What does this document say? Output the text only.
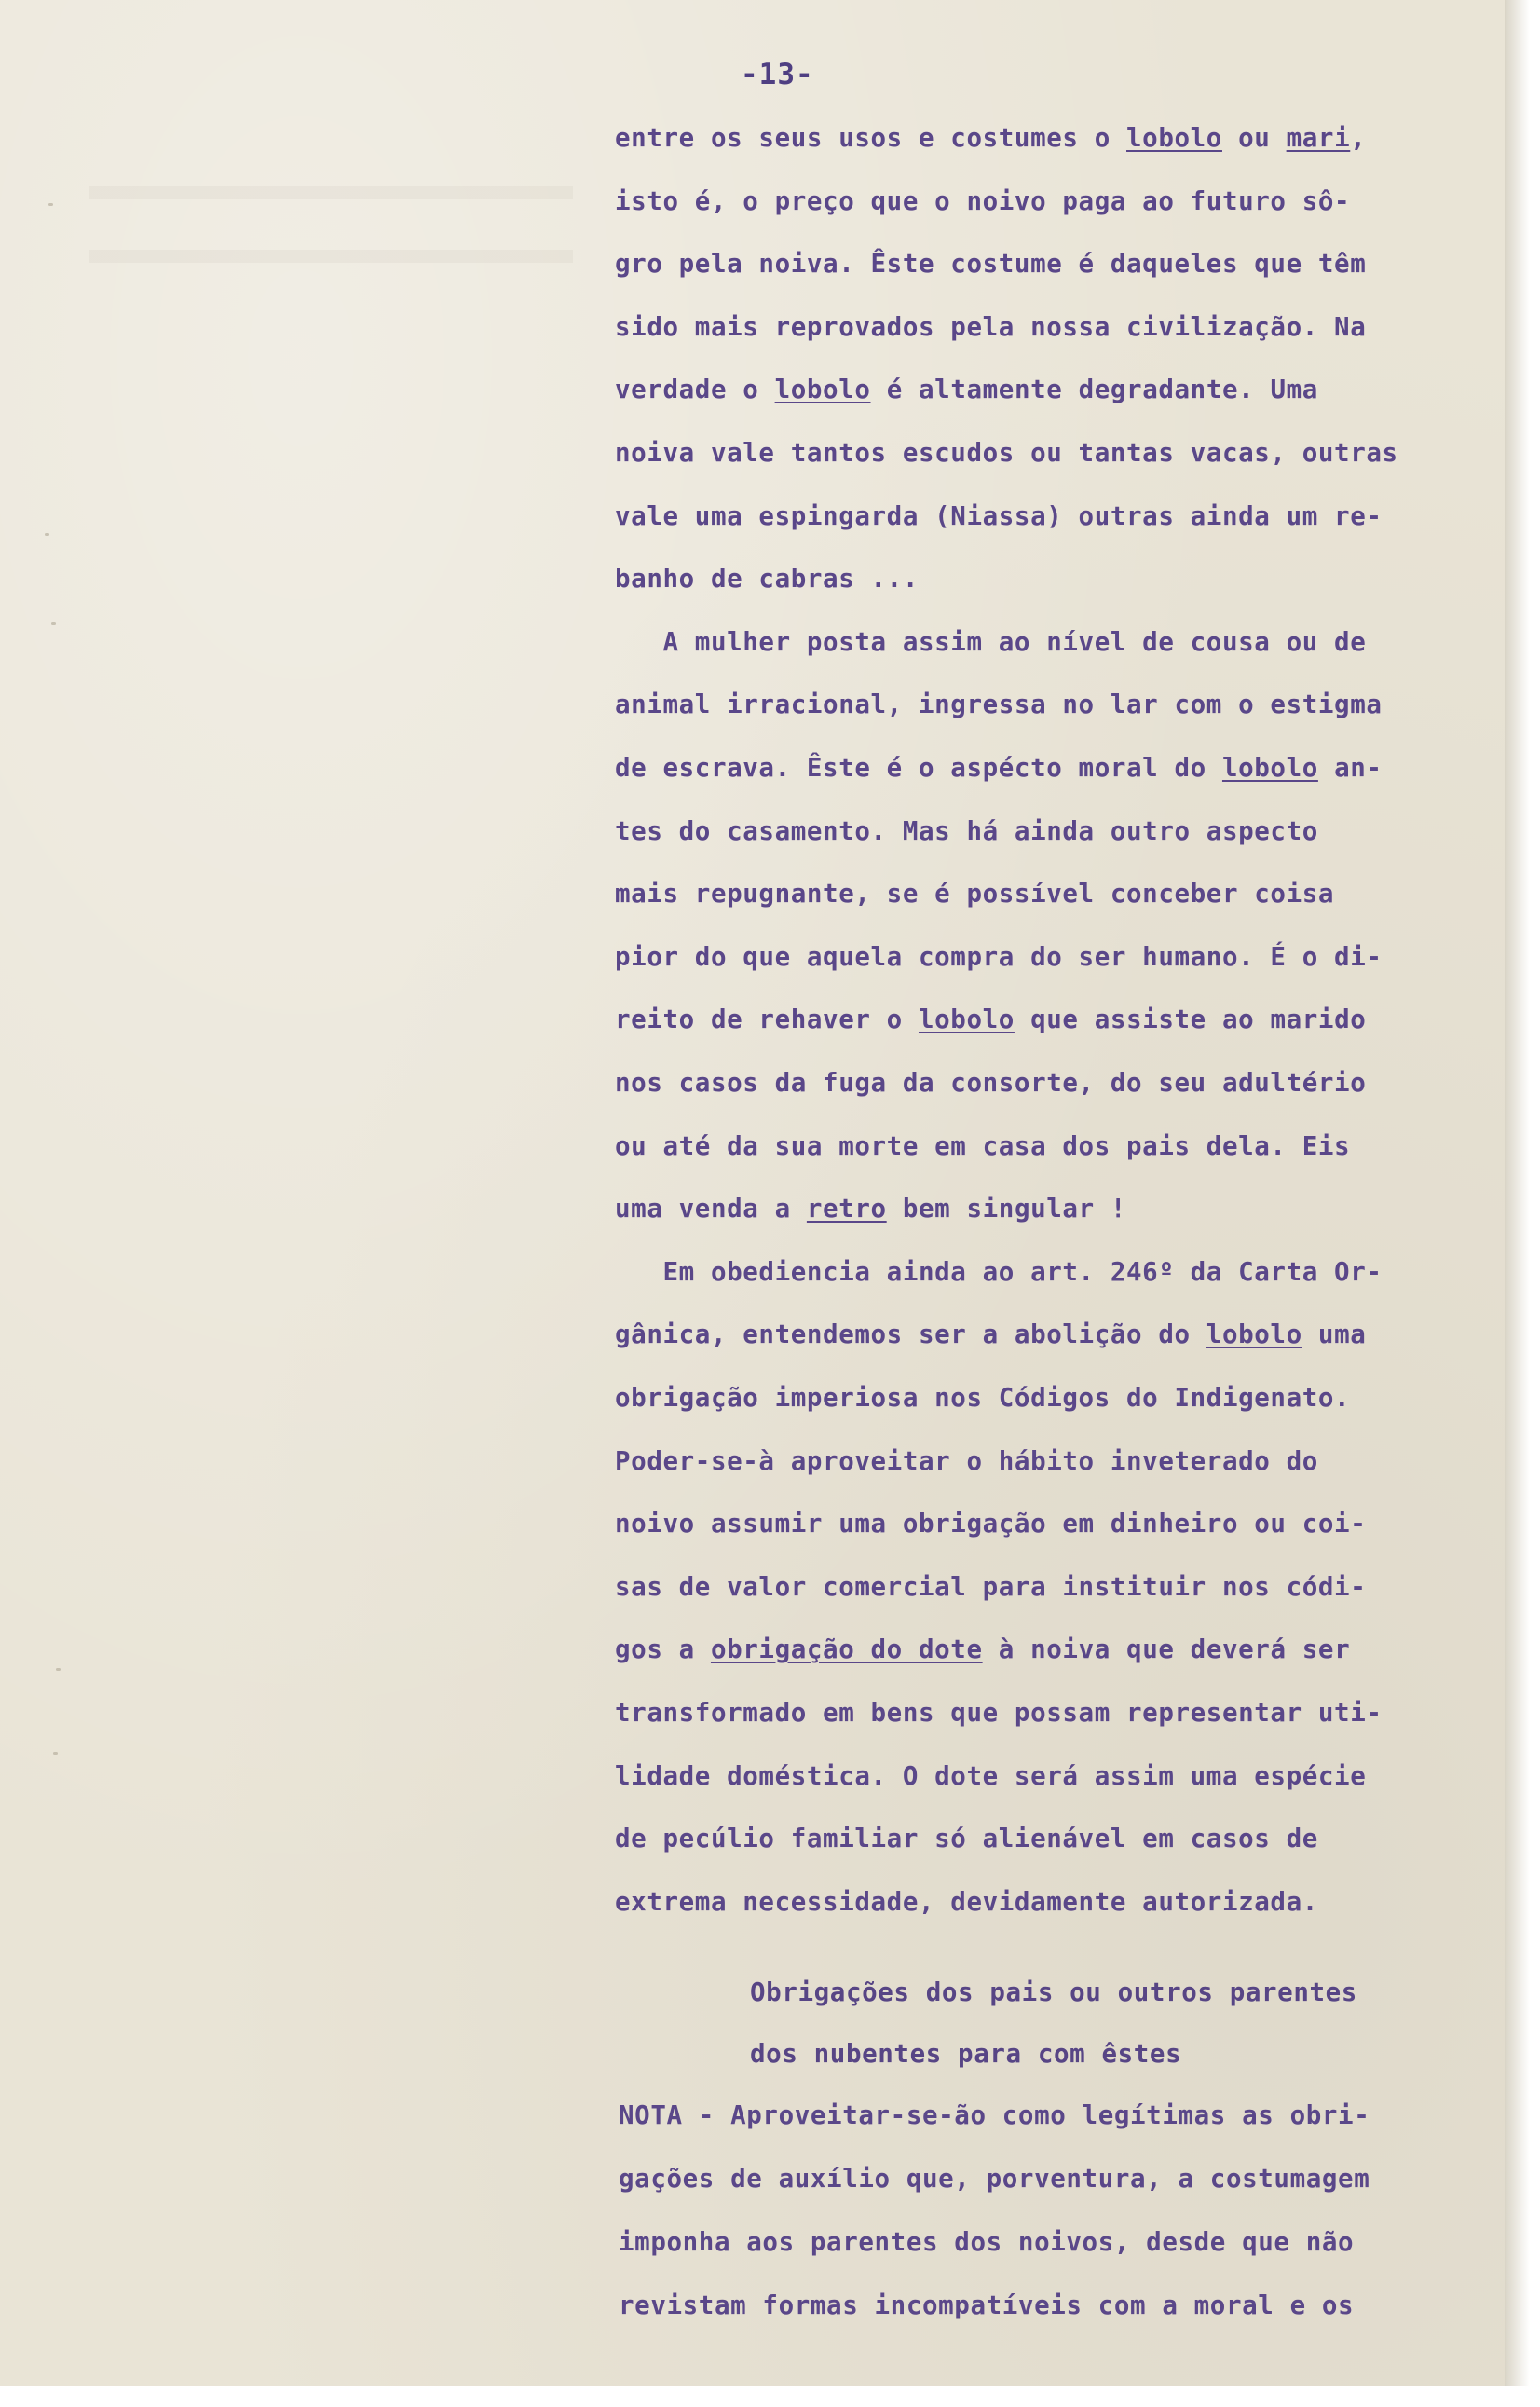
-13-
entre os seus usos e costumes o lobolo ou mari,
isto é, o preço que o noivo paga ao futuro sô-
gro pela noiva. Êste costume é daqueles que têm
sido mais reprovados pela nossa civilização. Na
verdade o lobolo é altamente degradante. Uma
noiva vale tantos escudos ou tantas vacas, outras
vale uma espingarda (Niassa) outras ainda um re-
banho de cabras ...
A mulher posta assim ao nível de cousa ou de
animal irracional, ingressa no lar com o estigma
de escrava. Êste é o aspécto moral do lobolo an-
tes do casamento. Mas há ainda outro aspecto
mais repugnante, se é possível conceber coisa
pior do que aquela compra do ser humano. É o di-
reito de rehaver o lobolo que assiste ao marido
nos casos da fuga da consorte, do seu adultério
ou até da sua morte em casa dos pais dela. Eis
uma venda a retro bem singular !
Em obediencia ainda ao art. 246º da Carta Or-
gânica, entendemos ser a abolição do lobolo uma
obrigação imperiosa nos Códigos do Indigenato.
Poder-se-à aproveitar o hábito inveterado do
noivo assumir uma obrigação em dinheiro ou coi-
sas de valor comercial para instituir nos códi-
gos a obrigação do dote à noiva que deverá ser
transformado em bens que possam representar uti-
lidade doméstica. O dote será assim uma espécie
de pecúlio familiar só alienável em casos de
extrema necessidade, devidamente autorizada.
Obrigações dos pais ou outros parentes
dos nubentes para com êstes
NOTA - Aproveitar-se-ão como legítimas as obri-
gações de auxílio que, porventura, a costumagem
imponha aos parentes dos noivos, desde que não
revistam formas incompatíveis com a moral e os
